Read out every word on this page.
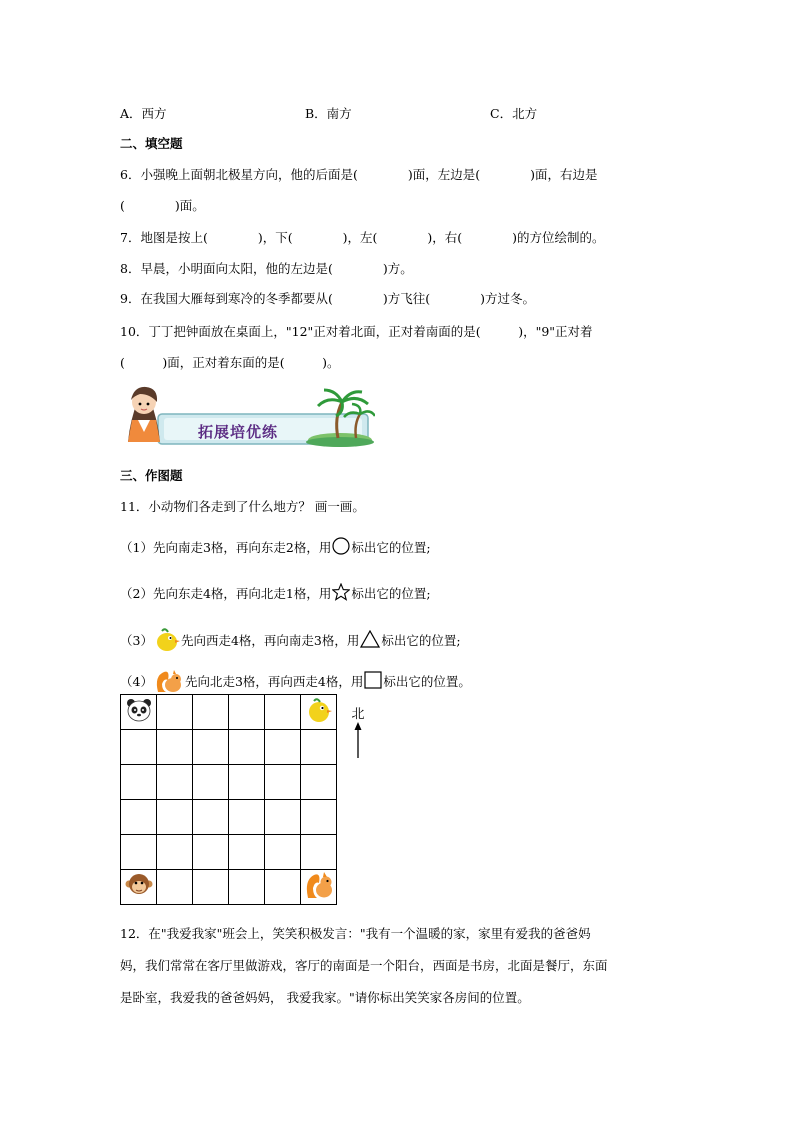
A．西方	B．南方	C．北方
二、填空题
6．小强晚上面朝北极星方向，他的后面是(　　　　)面，左边是(　　　　)面，右边是
(　　　　)面。
7．地图是按上(　　　　)，下(　　　　)，左(　　　　)，右(　　　　)的方位绘制的。
8．早晨，小明面向太阳，他的左边是(　　　　)方。
9．在我国大雁每到寒冷的冬季都要从(　　　　)方飞往(　　　　)方过冬。
10．丁丁把钟面放在桌面上，"12"正对着北面，正对着南面的是(　　　)，"9"正对着
(　　　)面，正对着东面的是(　　　)。
拓展培优练
三、作图题
11．小动物们各走到了什么地方？ 画一画。
（1）先向南走3格，再向东走2格，用 标出它的位置;
（2）先向东走4格，再向北走1格，用 标出它的位置;
（3） 先向西走4格，再向南走3格，用 标出它的位置;
（4）	先向北走3格，再向西走4格，用 标出它的位置。

北
12．在"我爱我家"班会上，笑笑积极发言："我有一个温暖的家，家里有爱我的爸爸妈
妈，我们常常在客厅里做游戏，客厅的南面是一个阳台，西面是书房，北面是餐厅，东面
是卧室，我爱我的爸爸妈妈， 我爱我家。"请你标出笑笑家各房间的位置。
